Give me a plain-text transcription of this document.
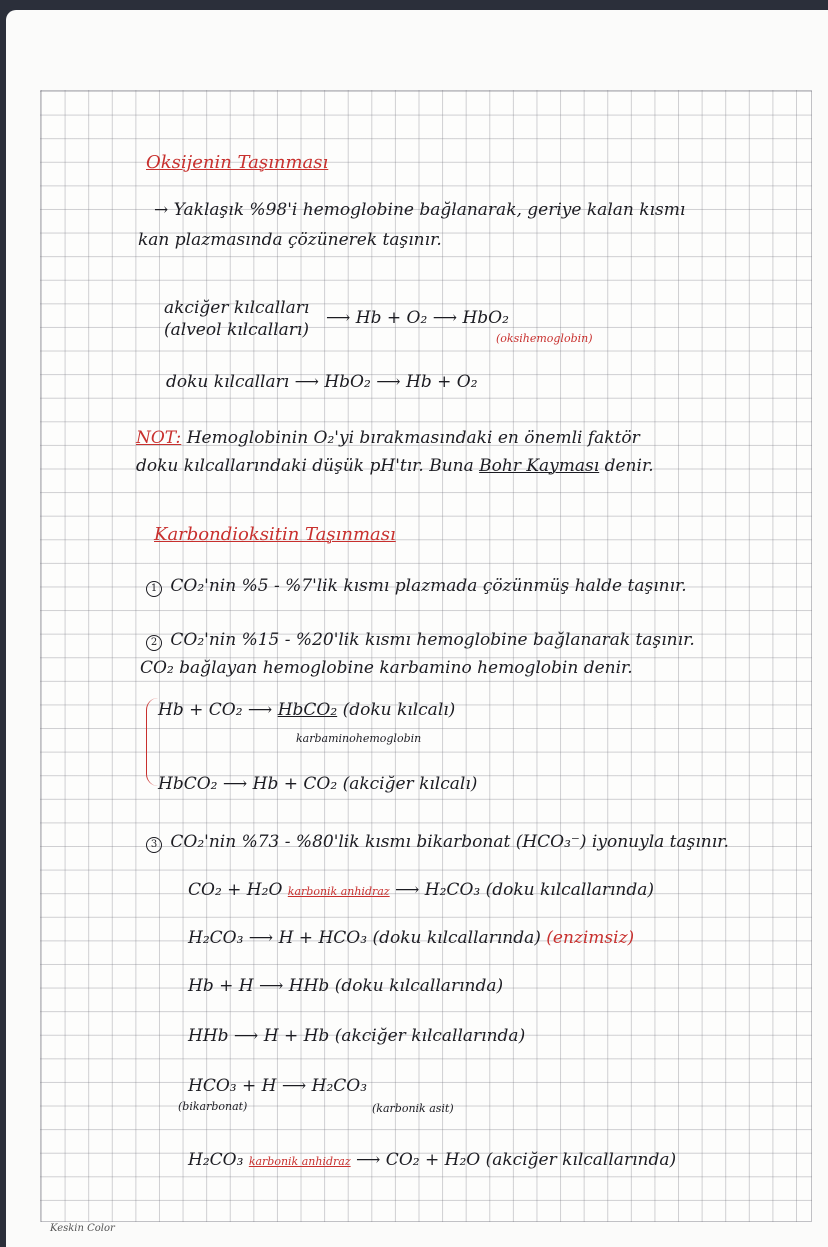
Oksijenin Taşınması
→ Yaklaşık %98'i hemoglobine bağlanarak, geriye kalan kısmı
kan plazmasında çözünerek taşınır.
akciğer kılcalları
(alveol kılcalları)
⟶ Hb + O₂ ⟶ HbO₂
(oksihemoglobin)
doku kılcalları ⟶ HbO₂ ⟶ Hb + O₂
NOT: Hemoglobinin O₂'yi bırakmasındaki en önemli faktör
doku kılcallarındaki düşük pH'tır. Buna Bohr Kayması denir.
Karbondioksitin Taşınması
1 CO₂'nin %5 - %7'lik kısmı plazmada çözünmüş halde taşınır.
2 CO₂'nin %15 - %20'lik kısmı hemoglobine bağlanarak taşınır.
CO₂ bağlayan hemoglobine karbamino hemoglobin denir.
Hb + CO₂ ⟶ HbCO₂ (doku kılcalı)
karbaminohemoglobin
HbCO₂ ⟶ Hb + CO₂ (akciğer kılcalı)
3 CO₂'nin %73 - %80'lik kısmı bikarbonat (HCO₃⁻) iyonuyla taşınır.
CO₂ + H₂O karbonik anhidraz ⟶ H₂CO₃ (doku kılcallarında)
H₂CO₃ ⟶ H + HCO₃ (doku kılcallarında) (enzimsiz)
Hb + H ⟶ HHb (doku kılcallarında)
HHb ⟶ H + Hb (akciğer kılcallarında)
HCO₃ + H ⟶ H₂CO₃
(bikarbonat)	(karbonik asit)
H₂CO₃ karbonik anhidraz ⟶ CO₂ + H₂O (akciğer kılcallarında)
Keskin Color
